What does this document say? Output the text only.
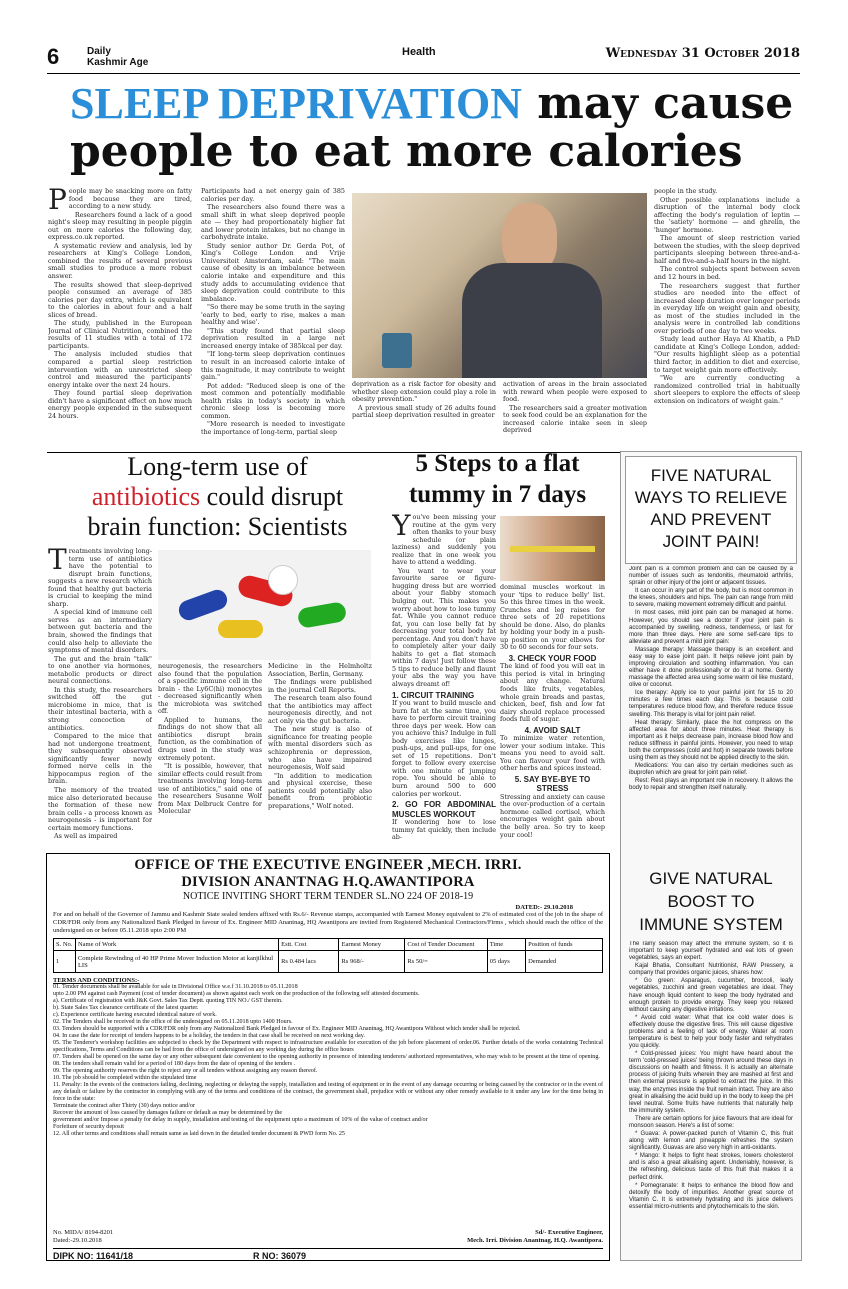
6	Daily
Kashmir Age
Health	Wednesday 31 October 2018
SLEEP DEPRIVATION may cause
people to eat more calories
P eople may be snacking more on fatty food because they are tired, according to a new study.

Researchers found a lack of a good night's sleep may resulting in people piggin out on more calories the following day, express.co.uk reported.

A systematic review and analysis, led by researchers at King's College London, combined the results of several previous small studies to produce a more robust answer.

The results showed that sleep-deprived people consumed an average of 385 calories per day extra, which is equivalent to the calories in about four and a half slices of bread.

The study, published in the European Journal of Clinical Nutrition, combined the results of 11 studies with a total of 172 participants.

The analysis included studies that compared a partial sleep restriction intervention with an unrestricted sleep control and measured the participants' energy intake over the next 24 hours.

They found partial sleep deprivation didn't have a significant effect on how much energy people expended in the subsequent 24 hours.

Participants had a net energy gain of 385 calories per day.

The researchers also found there was a small shift in what sleep deprived people ate — they had proportionately higher fat and lower protein intakes, but no change in carbohydrate intake.

Study senior author Dr. Gerda Pot, of King's College London and Vrije Universiteit Amsterdam, said: "The main cause of obesity is an imbalance between calorie intake and expenditure and this study adds to accumulating evidence that sleep deprivation could contribute to this imbalance.

"So there may be some truth in the saying 'early to bed, early to rise, makes a man healthy and wise'.

"This study found that partial sleep deprivation resulted in a large net increased energy intake of 385kcal per day.

"If long-term sleep deprivation continues to result in an increased calorie intake of this magnitude, it may contribute to weight gain."

Pot added: "Reduced sleep is one of the most common and potentially modifiable health risks in today's society in which chronic sleep loss is becoming more common.

"More research is needed to investigate the importance of long-term, partial sleep

deprivation as a risk factor for obesity and whether sleep extension could play a role in obesity prevention."

A previous small study of 26 adults found partial sleep deprivation resulted in greater

activation of areas in the brain associated with reward when people were exposed to food.

The researchers said a greater motivation to seek food could be an explanation for the increased calorie intake seen in sleep deprived

people in the study.

Other possible explanations include a disruption of the internal body clock affecting the body's regulation of leptin — the 'satiety' hormone — and ghrelin, the 'hunger' hormone.

The amount of sleep restriction varied between the studies, with the sleep deprived participants sleeping between three-and-a-half and five-and-a-half hours in the night.

The control subjects spent between seven and 12 hours in bed.

The researchers suggest that further studies are needed into the effect of increased sleep duration over longer periods in everyday life on weight gain and obesity, as most of the studies included in the analysis were in controlled lab conditions over periods of one day to two weeks.

Study lead author Haya Al Khatib, a PhD candidate at King's College London, added: "Our results highlight sleep as a potential third factor, in addition to diet and exercise, to target weight gain more effectively.

"We are currently conducting a randomized controlled trial in habitually short sleepers to explore the effects of sleep extension on indicators of weight gain."

Long-term use of
antibiotics could disrupt
brain function: Scientists
T reatments involving long-term use of antibiotics have the potential to disrupt brain functions, suggests a new research which found that healthy gut bacteria is crucial to keeping the mind sharp.

A special kind of immune cell serves as an intermediary between gut bacteria and the brain, showed the findings that could also help to alleviate the symptoms of mental disorders.

The gut and the brain "talk" to one another via hormones, metabolic products or direct neural connections.

In this study, the researchers switched off the gut microbiome in mice, that is their intestinal bacteria, with a strong concoction of antibiotics.

Compared to the mice that had not undergone treatment, they subsequently observed significantly fewer newly formed nerve cells in the hippocampus region of the brain.

The memory of the treated mice also deteriorated because the formation of these new brain cells - a process known as neurogenesis - is important for certain memory functions.

As well as impaired

neurogenesis, the researchers also found that the population of a specific immune cell in the brain - the Ly6C(hi) monocytes - decreased significantly when the microbiota was switched off.

Applied to humans, the findings do not show that all antibiotics disrupt brain function, as the combination of drugs used in the study was extremely potent.

"It is possible, however, that similar effects could result from treatments involving long-term use of antibiotics," said one of the researchers Susanne Wolf from Max Delbruck Centre for Molecular

Medicine in the Helmholtz Association, Berlin, Germany.

The findings were published in the journal Cell Reports.

The research team also found that the antibiotics may affect neurogenesis directly, and not act only via the gut bacteria.

The new study is also of significance for treating people with mental disorders such as schizophrenia or depression, who also have impaired neurogenesis, Wolf said

"In addition to medication and physical exercise, these patients could potentially also benefit from probiotic preparations," Wolf noted.

5 Steps to a flat
tummy in 7 days
Y ou've been missing your routine at the gym very often thanks to your busy schedule (or plain laziness) and suddenly you realize that in one week you have to attend a wedding.

You want to wear your favourite saree or figure-hugging dress but are worried about your flabby stomach bulging out. This makes you worry about how to lose tummy fat. While you cannot reduce fat, you can lose belly fat by decreasing your total body fat percentage. And you don't have to completely alter your daily habits to get a flat stomach within 7 days! Just follow these 5 tips to reduce belly and flaunt your abs the way you have always dreamt of!

1. CIRCUIT TRAINING

If you want to build muscle and burn fat at the same time, you have to perform circuit training three days per week. How can you achieve this? Indulge in full body exercises like lunges, push-ups, and pull-ups, for one set of 15 repetitions. Don't forget to follow every exercise with one minute of jumping rope. You should be able to burn around 500 to 600 calories per workout.

2. GO FOR ABDOMINAL MUSCLES WORKOUT

If wondering how to lose tummy fat quickly, then include ab-

dominal muscles workout in your 'tips to reduce belly' list. So this three times in the week. Crunches and leg raises for three sets of 20 repetitions should be done. Also, do planks by holding your body in a push-up position on your elbows for 30 to 60 seconds for four sets.

3. CHECK YOUR FOOD

The kind of food you will eat in this period is vital in bringing about any change. Natural foods like fruits, vegetables, whole grain breads and pastas, chicken, beef, fish and low fat dairy should replace processed foods full of sugar.

4. AVOID SALT

To minimize water retention, lower your sodium intake. This means you need to avoid salt. You can flavour your food with other herbs and spices instead.

5. SAY BYE-BYE TO STRESS

Stressing and anxiety can cause the over-production of a certain hormone called cortisol, which encourages weight gain about the belly area. So try to keep your cool!

FIVE NATURAL
WAYS TO RELIEVE
AND PREVENT
JOINT PAIN!

Joint pain is a common problem and can be caused by a number of issues such as tendonitis, rheumatoid arthritis, sprain or other injury of the joint or adjacent tissues.

It can occur in any part of the body, but is most common in the knees, shoulders and hips. The pain can range from mild to severe, making movement extremely difficult and painful.

In most cases, mild joint pain can be managed at home. However, you should see a doctor if your joint pain is accompanied by swelling, redness, tenderness, or last for more than three days. Here are some self-care tips to alleviate and prevent a mild joint pain:

Massage therapy: Massage therapy is an excellent and easy way to ease joint pain. It helps relieve joint pain by improving circulation and soothing inflammation. You can either have it done professionally or do it at home. Gently massage the affected area using some warm oil like mustard, olive or coconut.

Ice therapy: Apply ice to your painful joint for 15 to 20 minutes a few times each day. This is because cold temperatures reduce blood flow, and therefore reduce tissue swelling. This therapy is vital for joint pain relief.

Heat therapy: Similarly, place the hot compress on the affected area for about three minutes. Heat therapy is important as it helps decrease pain, increase blood flow and reduce stiffness in painful joints. However, you need to wrap both the compresses (cold and hot) in separate towels before using them as they should not be applied directly to the skin.

Medications: You can also try certain medicines such as ibuprofen which are great for joint pain relief.

Rest: Rest plays an important role in recovery. It allows the body to repair and strengthen itself naturally.

GIVE NATURAL
BOOST TO
IMMUNE SYSTEM

The rainy season may affect the immune system, so it is important to keep yourself hydrated and eat lots of green vegetables, says an expert.

Kajal Bhatia, Consultant Nutritionist, RAW Pressery, a company that provides organic juices, shares how:

* Go green: Asparagus, cucumber, broccoli, leafy vegetables, zucchini and green vegetables are ideal. They have enough liquid content to keep the body hydrated and enough protein to provide energy. They keep you relaxed without causing any digestive irritations.

* Avoid cold water: What that ice cold water does is effectively douse the digestive fires. This will cause digestive problems and a feeling of lack of energy. Water at room temperature is best to help your body faster and rehydrates you quickly.

* Cold-pressed juices: You might have heard about the term 'cold-pressed juices' being thrown around these days in discussions on health and fitness. It is actually an alternate process of juicing fruits wherein they are mashed at first and then external pressure is applied to extract the juice. In this way, the enzymes inside the fruit remain intact. They are also great in alkalising the acid build up in the body to keep the pH level neutral. Some fruits have nutrients that naturally help the immunity system.

There are certain options for juice flavours that are ideal for monsoon season. Here's a list of some:

* Guava: A power-packed punch of Vitamin C, this fruit along with lemon and pineapple refreshes the system significantly. Guavas are also very high in anti-oxidants.

* Mango: It helps to fight heat strokes, lowers cholesterol and is also a great alkalising agent. Undeniably, however, is the refreshing, delicious taste of this fruit that makes it a perfect drink.

* Pomegranate: It helps to enhance the blood flow and detoxify the body of impurities. Another great source of Vitamin C. It is extremely hydrating and its juice delivers essential micro-nutrients and phytochemicals to the skin.

OFFICE OF THE EXECUTIVE ENGINEER ,MECH. IRRI.
DIVISION ANANTNAG H.Q.AWANTIPORA
NOTICE INVITING SHORT TERM TENDER SL.NO 224 OF 2018-19
DATED:- 29.10.2018
For and on behalf of the Governor of Jammu and Kashmir State sealed tenders affixed with Rs.6/- Revenue stamps, accompanied with Earnest Money equivalent to 2% of estimated cost of the job in the shape of CDR/FDR only from any Nationalized Bank Pledged in favour of Ex. Engineer MID Anantnag, HQ Awantipora are invited from Registered Mechanical Contractors/Firms , which should reach the office of the undersigned on or before 05.11.2018 upto 2:00 PM
S. No.	Name of Work	Estt. Cost	Earnest Money	Cost of Tender Document	Time	Position of funds
1	Complete Rewinding of 40 HP Prime Mover Induction Motor at kanjilkhul LIS	Rs 0.484 lacs	Rs 968/-	Rs 50/=	05 days	Demanded
TERMS AND CONDITIONS:-
01. Tender documents shall be available for sale in Divisional Office w.e.f 31.10.2018 to 05.11.2018
upto 2.00 PM against cash Payment (cost of tender document) as shown against each work on the production of the following self attested documents.
a). Certificate of registration with J&K Govt. Sales Tax Deptt. quoting TIN NO./ GST therein.
b). State Sales Tax clearance certificate of the latest quarter.
c). Experience certificate having executed identical nature of work.
02. The Tenders shall be received in the office of the undersigned on 05.11.2018 upto 1400 Hours.
03. Tenders should be supported with a CDR/FDR only from any Nationalized Bank Pledged in favour of Ex. Engineer MID Anantnag, HQ Awantipora Without which tender shall be rejected.
04. In case the date for receipt of tenders happens to be a holiday, the tenders in that case shall be received on next working day.
05. The Tenderer's workshop facilities are subjected to check by the Department with respect to infrastructure available for execution of the job before placement of order.06. Further details of the works containing Technical specifications, Terms and Conditions can be had from the office of undersigned on any working day during the office hours
07. Tenders shall be opened on the same day or any other subsequent date convenient to the opening authority in presence of intending tenderers/ authorized representatives, who may wish to be present at the time of opening.
08. The tenders shall remain valid for a period of 180 days from the date of opening of the tenders .
09. The opening authority reserves the right to reject any or all tenders without assigning any reason thereof.
10. The job should be completed within the stipulated time
11. Penalty: In the events of the contractors failing, declining, neglecting or delaying the supply, installation and testing of equipment or in the event of any damage occurring or being caused by the contractor or in the event of any default or failure by the contractor in complying with any of the terms and conditions of the contract, the government shall, prejudice with or without any other remedy available to it under any law for the time being in force in the state:
Terminate the contract after Thirty (30) days notice and/or
Recover the amount of loss caused by damages failure or default as may be determined by the
government and/or Impose a penalty for delay in supply, installation and testing of the equipment upto a maximum of 10% of the value of contract and/or
Forfeiture of security deposit
12. All other terms and conditions shall remain same as laid down in the detailed tender document & PWD form No. 25
No. MIDA/ 8194-8201
Dated:-29.10.2018
Sd/- Executive Engineer,
Mech. Irri. Division Anantnag, H.Q. Awantipora.
DIPK NO: 11641/18	R NO: 36079
